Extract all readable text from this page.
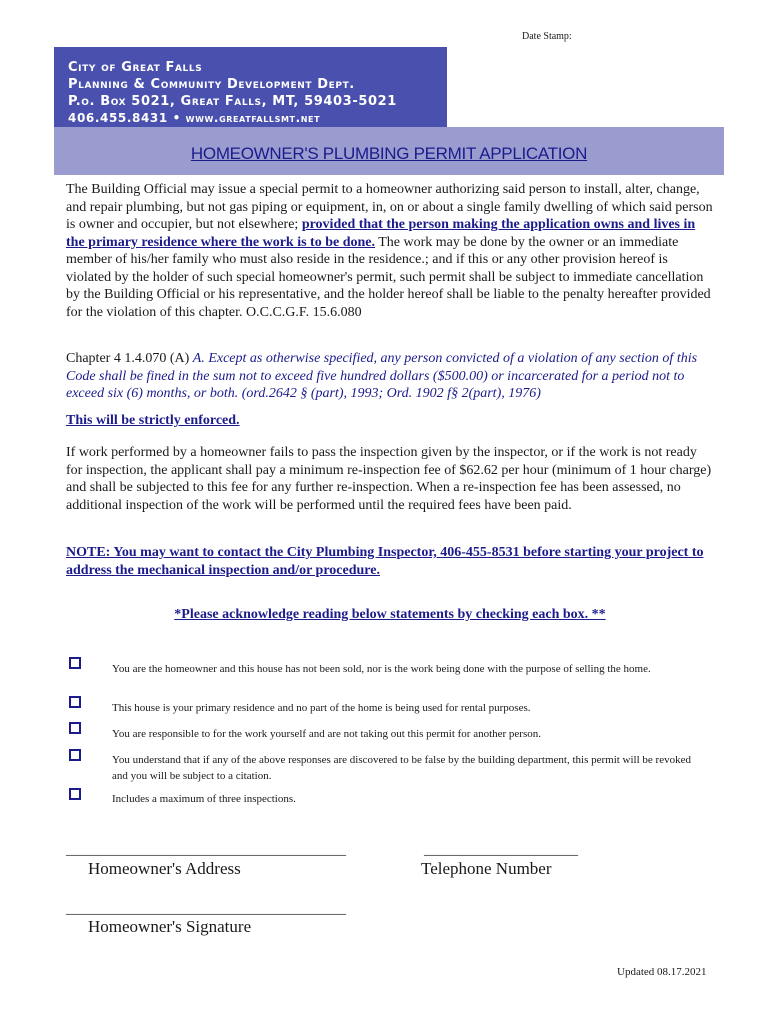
Date Stamp:
City of Great Falls
Planning & Community Development Dept.
P.o. Box 5021, Great Falls, MT, 59403-5021
406.455.8431 • www.greatfallsmt.net
HOMEOWNER'S PLUMBING PERMIT APPLICATION
The Building Official may issue a special permit to a homeowner authorizing said person to install, alter, change, and repair plumbing, but not gas piping or equipment, in, on or about a single family dwelling of which said person is owner and occupier, but not elsewhere; provided that the person making the application owns and lives in the primary residence where the work is to be done. The work may be done by the owner or an immediate member of his/her family who must also reside in the residence.; and if this or any other provision hereof is violated by the holder of such special homeowner's permit, such permit shall be subject to immediate cancellation by the Building Official or his representative, and the holder hereof shall be liable to the penalty hereafter provided for the violation of this chapter. O.C.C.G.F. 15.6.080
Chapter 4 1.4.070 (A) A. Except as otherwise specified, any person convicted of a violation of any section of this Code shall be fined in the sum not to exceed five hundred dollars ($500.00) or incarcerated for a period not to exceed six (6) months, or both. (ord.2642 § (part), 1993; Ord. 1902 f§ 2(part), 1976)
This will be strictly enforced.
If work performed by a homeowner fails to pass the inspection given by the inspector, or if the work is not ready for inspection, the applicant shall pay a minimum re-inspection fee of $62.62 per hour (minimum of 1 hour charge) and shall be subjected to this fee for any further re-inspection. When a re-inspection fee has been assessed, no additional inspection of the work will be performed until the required fees have been paid.
NOTE: You may want to contact the City Plumbing Inspector, 406-455-8531 before starting your project to address the mechanical inspection and/or procedure.
*Please acknowledge reading below statements by checking each box. **
You are the homeowner and this house has not been sold, nor is the work being done with the purpose of selling the home.
This house is your primary residence and no part of the home is being used for rental purposes.
You are responsible to for the work yourself and are not taking out this permit for another person.
You understand that if any of the above responses are discovered to be false by the building department, this permit will be revoked and you will be subject to a citation.
Includes a maximum of three inspections.
________________________________________
Homeowner's Address
______________________
Telephone Number
________________________________________
Homeowner's Signature
Updated 08.17.2021
